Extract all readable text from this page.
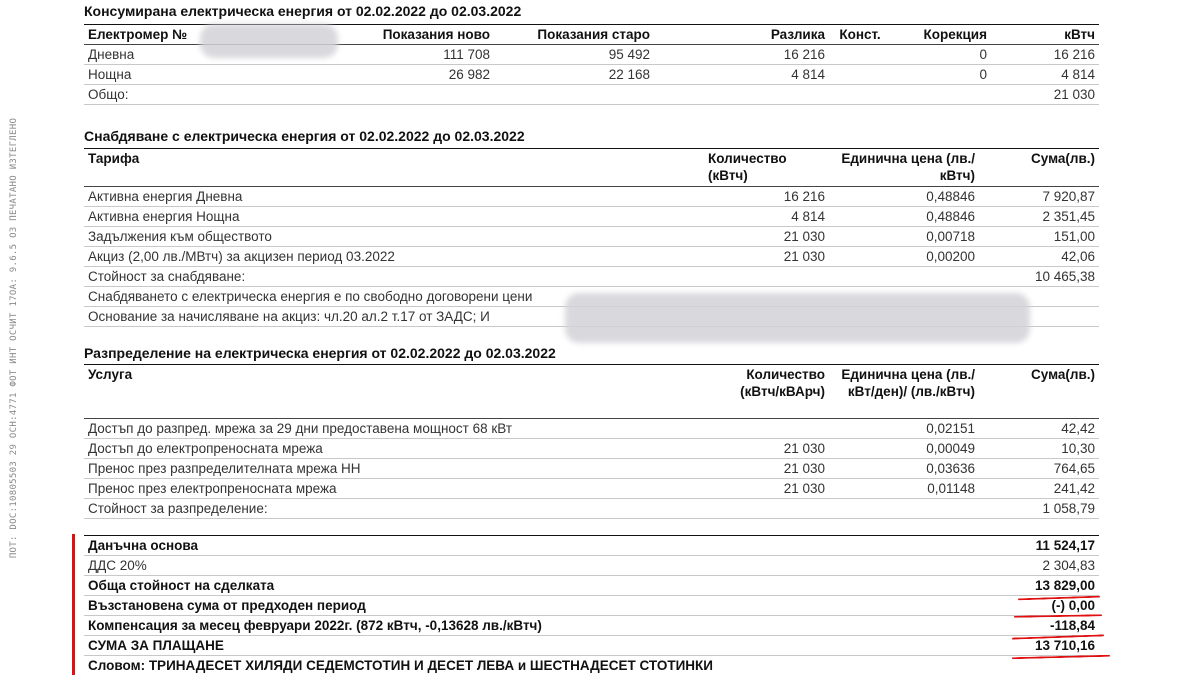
ПОТ: DOC:10805503 29 ОСН:4771 ФОТ ИНТ ОСЧИТ 17ОА: 9.6.5 ОЗ ПЕЧАТАНО ИЗТЕГЛЕНО
Консумирана електрическа енергия от 02.02.2022 до 02.03.2022
Електромер №	Показания ново	Показания старо	Разлика	Конст.	Корекция	кВтч
Дневна	111 708	95 492	16 216		0	16 216
Нощна	26 982	22 168	4 814		0	4 814
Общо:						21 030
Снабдяване с електрическа енергия от 02.02.2022 до 02.03.2022
Тарифа	Количество (кВтч)	Единична цена (лв./кВтч)	Сума(лв.)
Активна енергия Дневна	16 216	0,48846	7 920,87
Активна енергия Нощна	4 814	0,48846	2 351,45
Задължения към обществото	21 030	0,00718	151,00
Акциз (2,00 лв./МВтч) за акцизен период 03.2022	21 030	0,00200	42,06
Стойност за снабдяване:			10 465,38
Снабдяването с електрическа енергия е по свободно договорени цени			
Основание за начисляване на акциз: чл.20 ал.2 т.17 от ЗАДС; И			
Разпределение на електрическа енергия от 02.02.2022 до 02.03.2022
Услуга	Количество (кВтч/кВАрч)	Единична цена (лв./кВт/ден)/ (лв./кВтч)	Сума(лв.)
Достъп до разпред. мрежа за 29 дни предоставена мощност 68 кВт		0,02151	42,42
Достъп до електропреносната мрежа	21 030	0,00049	10,30
Пренос през разпределителната мрежа НН	21 030	0,03636	764,65
Пренос през електропреносната мрежа	21 030	0,01148	241,42
Стойност за разпределение:			1 058,79
Данъчна основа	11 524,17
ДДС 20%	2 304,83
Обща стойност на сделката	13 829,00
Възстановена сума от предходен период	(-) 0,00
Компенсация за месец февруари 2022г. (872 кВтч, -0,13628 лв./кВтч)	-118,84
СУМА ЗА ПЛАЩАНЕ	13 710,16
Словом: ТРИНАДЕСЕТ ХИЛЯДИ СЕДЕМСТОТИН И ДЕСЕТ ЛЕВА и ШЕСТНАДЕСЕТ СТОТИНКИ	
